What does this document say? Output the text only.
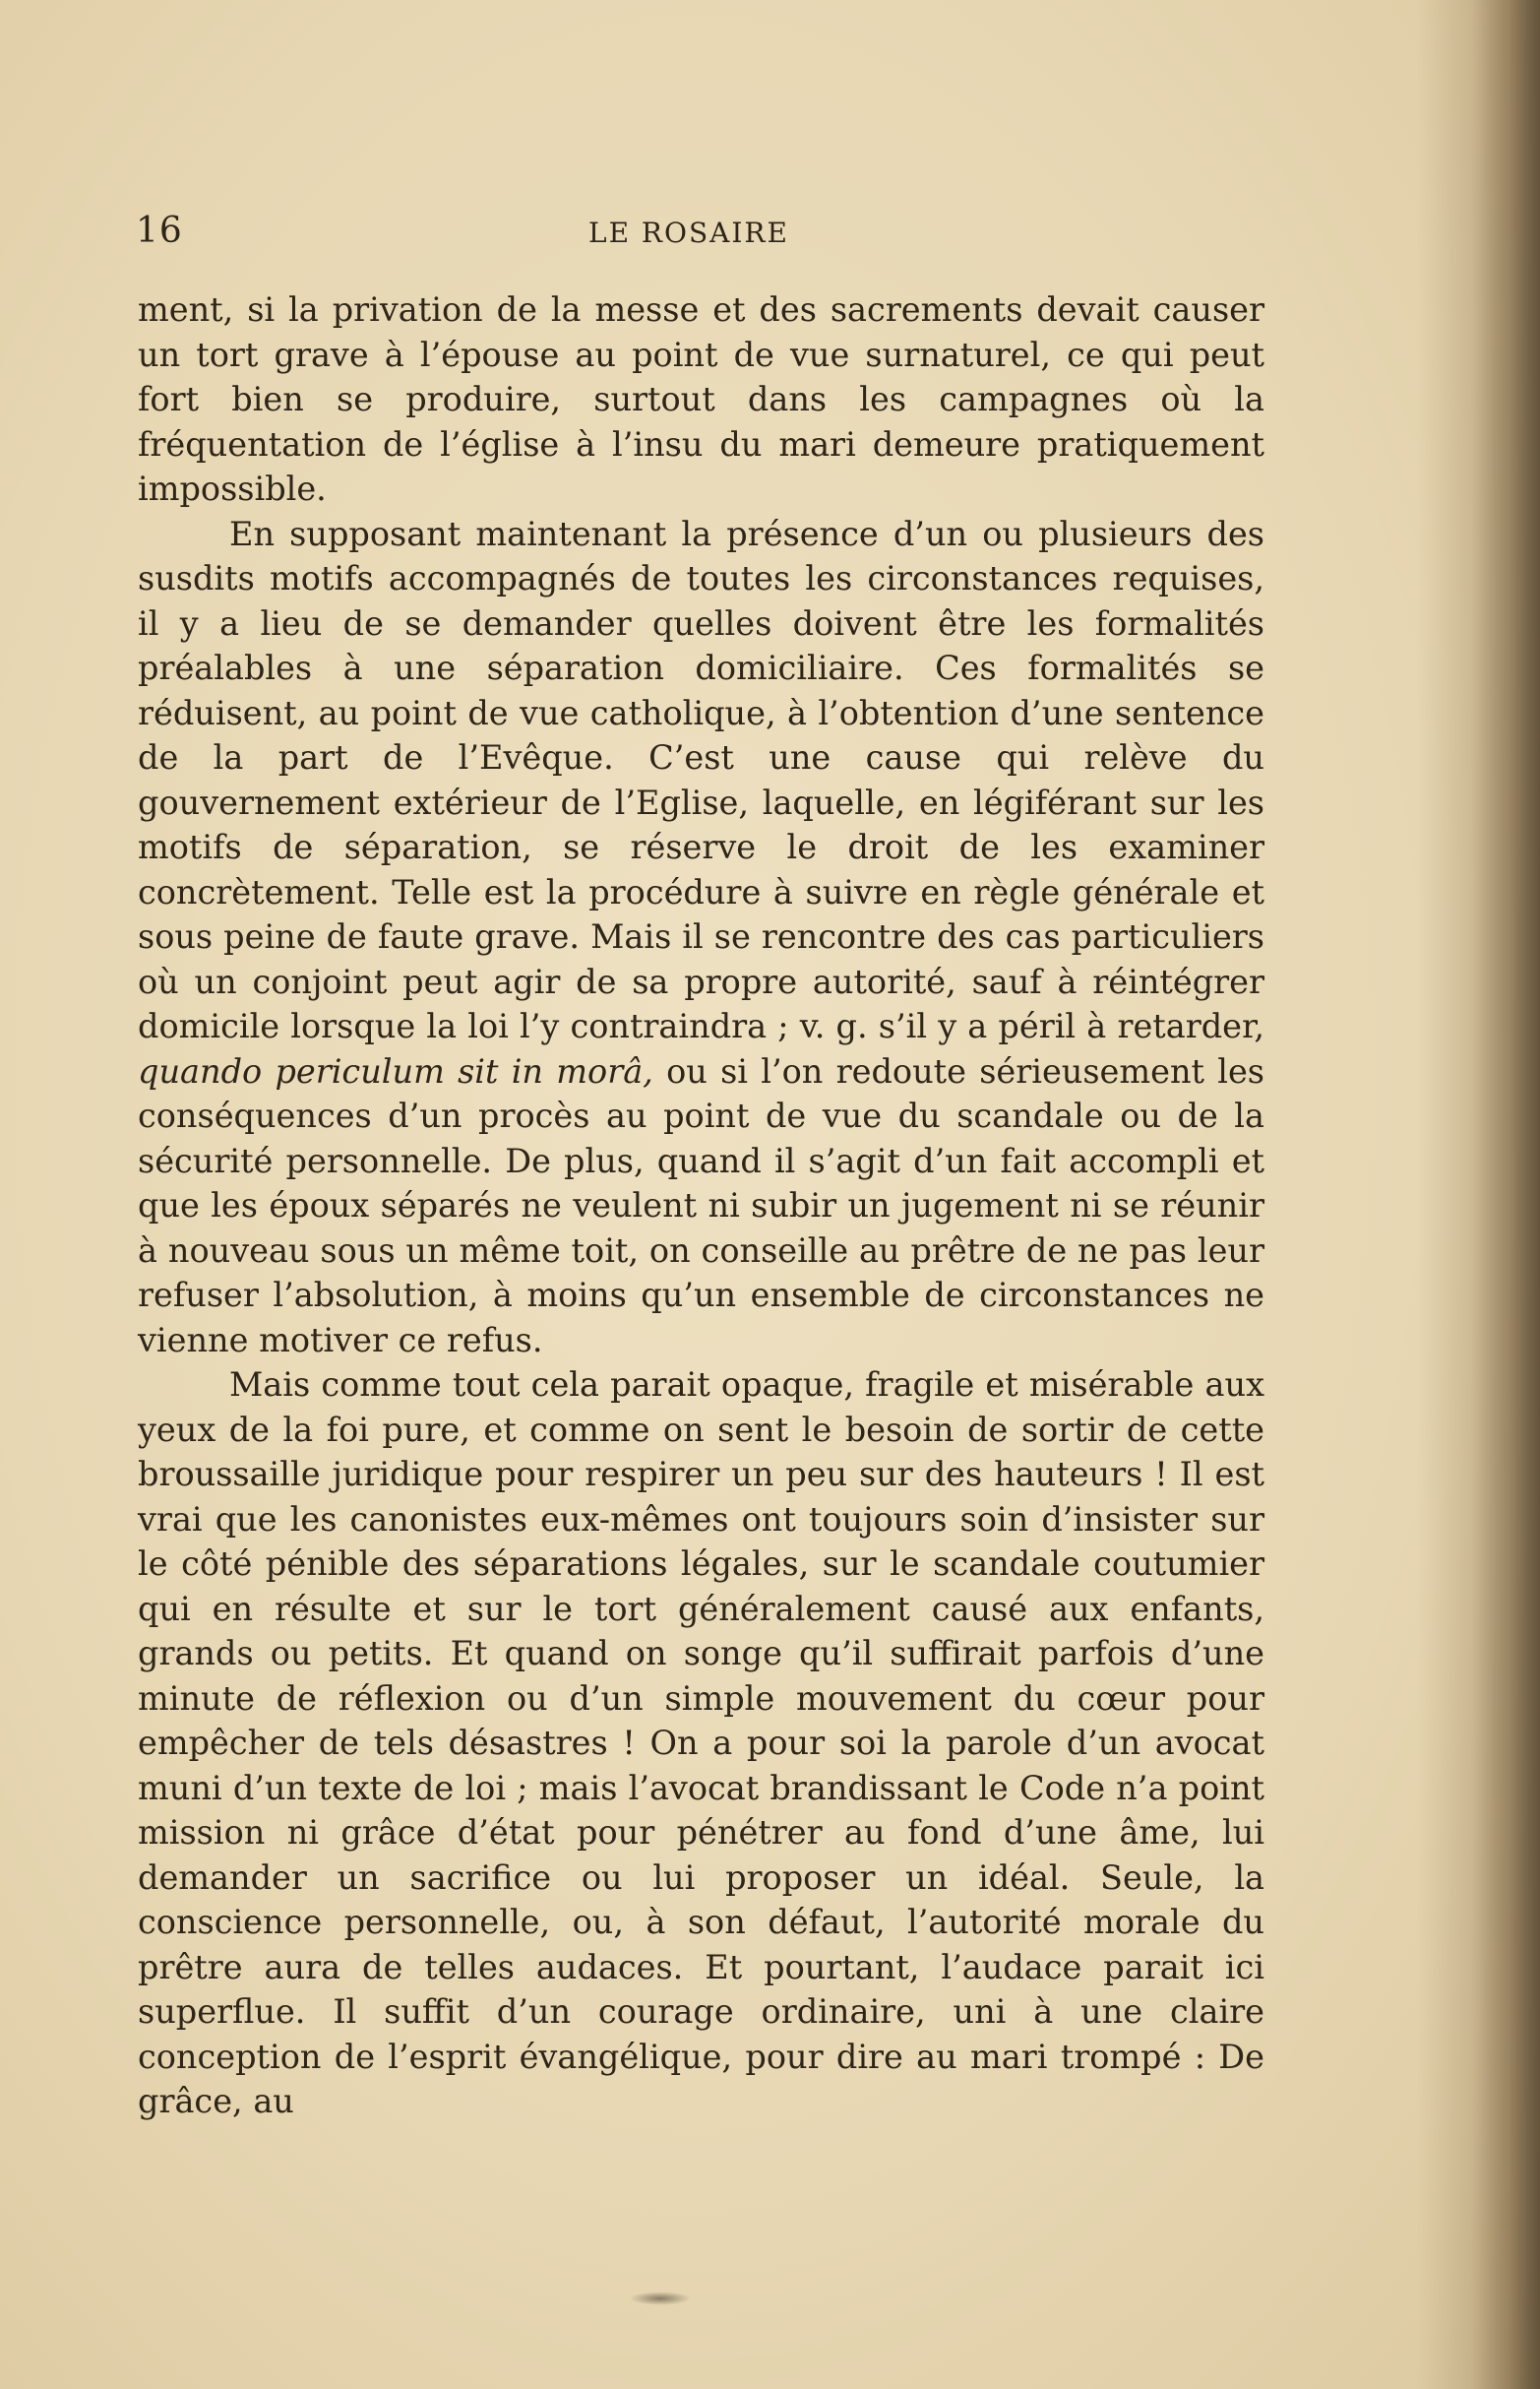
16	LE ROSAIRE

ment, si la privation de la messe et des sacrements devait causer un tort grave à l’épouse au point de vue surnaturel, ce qui peut fort bien se produire, surtout dans les campagnes où la fréquentation de l’église à l’insu du mari demeure pratiquement impossible.

En supposant maintenant la présence d’un ou plusieurs des susdits motifs accompagnés de toutes les circonstances requises, il y a lieu de se demander quelles doivent être les formalités préalables à une séparation domiciliaire. Ces formalités se réduisent, au point de vue catholique, à l’obtention d’une sentence de la part de l’Evêque. C’est une cause qui relève du gouvernement extérieur de l’Eglise, laquelle, en légiférant sur les motifs de séparation, se réserve le droit de les examiner concrètement. Telle est la procédure à suivre en règle générale et sous peine de faute grave. Mais il se rencontre des cas particuliers où un conjoint peut agir de sa propre autorité, sauf à réintégrer domicile lorsque la loi l’y contraindra ; v. g. s’il y a péril à retarder, quando periculum sit in morâ, ou si l’on redoute sérieusement les conséquences d’un procès au point de vue du scandale ou de la sécurité personnelle. De plus, quand il s’agit d’un fait accompli et que les époux séparés ne veulent ni subir un jugement ni se réunir à nouveau sous un même toit, on conseille au prêtre de ne pas leur refuser l’absolution, à moins qu’un ensemble de circonstances ne vienne motiver ce refus.

Mais comme tout cela parait opaque, fragile et misérable aux yeux de la foi pure, et comme on sent le besoin de sortir de cette broussaille juridique pour respirer un peu sur des hauteurs ! Il est vrai que les canonistes eux-mêmes ont toujours soin d’insister sur le côté pénible des séparations légales, sur le scandale coutumier qui en résulte et sur le tort généralement causé aux enfants, grands ou petits. Et quand on songe qu’il suffirait parfois d’une minute de réflexion ou d’un simple mouvement du cœur pour empêcher de tels désastres ! On a pour soi la parole d’un avocat muni d’un texte de loi ; mais l’avocat brandissant le Code n’a point mission ni grâce d’état pour pénétrer au fond d’une âme, lui demander un sacrifice ou lui proposer un idéal. Seule, la conscience personnelle, ou, à son défaut, l’autorité morale du prêtre aura de telles audaces. Et pourtant, l’audace parait ici superflue. Il suffit d’un courage ordinaire, uni à une claire conception de l’esprit évangélique, pour dire au mari trompé : De grâce, au
